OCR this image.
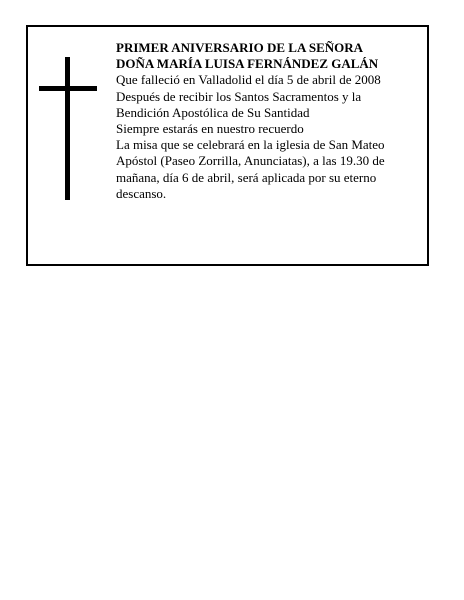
PRIMER ANIVERSARIO DE LA SEÑORA
DOÑA MARÍA LUISA FERNÁNDEZ GALÁN
Que falleció en Valladolid el día 5 de abril de 2008
Después de recibir los Santos Sacramentos y la
Bendición Apostólica de Su Santidad
Siempre estarás en nuestro recuerdo
La misa que se celebrará en la iglesia de San Mateo
Apóstol (Paseo Zorrilla, Anunciatas), a las 19.30 de
mañana, día 6 de abril, será aplicada por su eterno
descanso.
